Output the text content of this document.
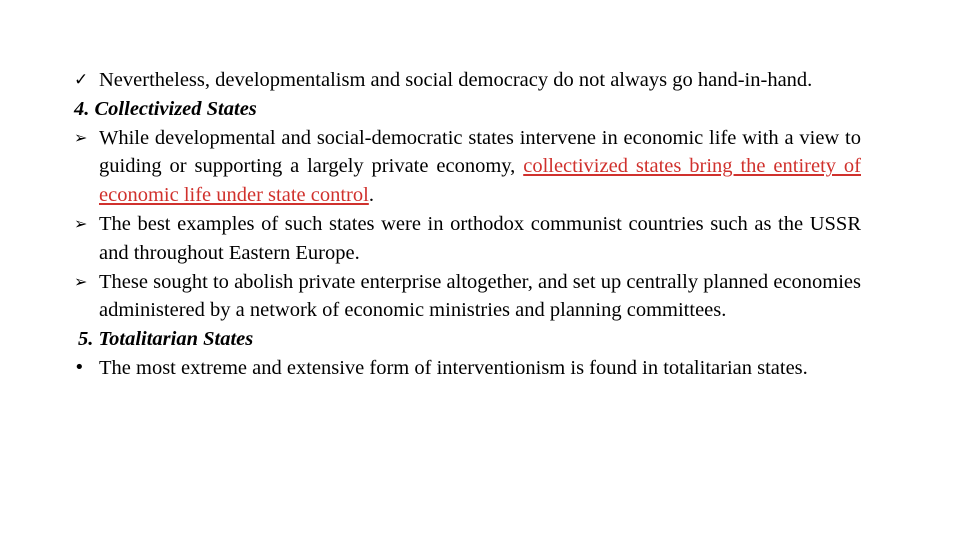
✓ Nevertheless, developmentalism and social democracy do not always go hand-in-hand.
4. Collectivized States
➢ While developmental and social-democratic states intervene in economic life with a view to guiding or supporting a largely private economy, collectivized states bring the entirety of economic life under state control.
➢ The best examples of such states were in orthodox communist countries such as the USSR and throughout Eastern Europe.
➢ These sought to abolish private enterprise altogether, and set up centrally planned economies administered by a network of economic ministries and planning committees.
5. Totalitarian States
• The most extreme and extensive form of interventionism is found in totalitarian states.
